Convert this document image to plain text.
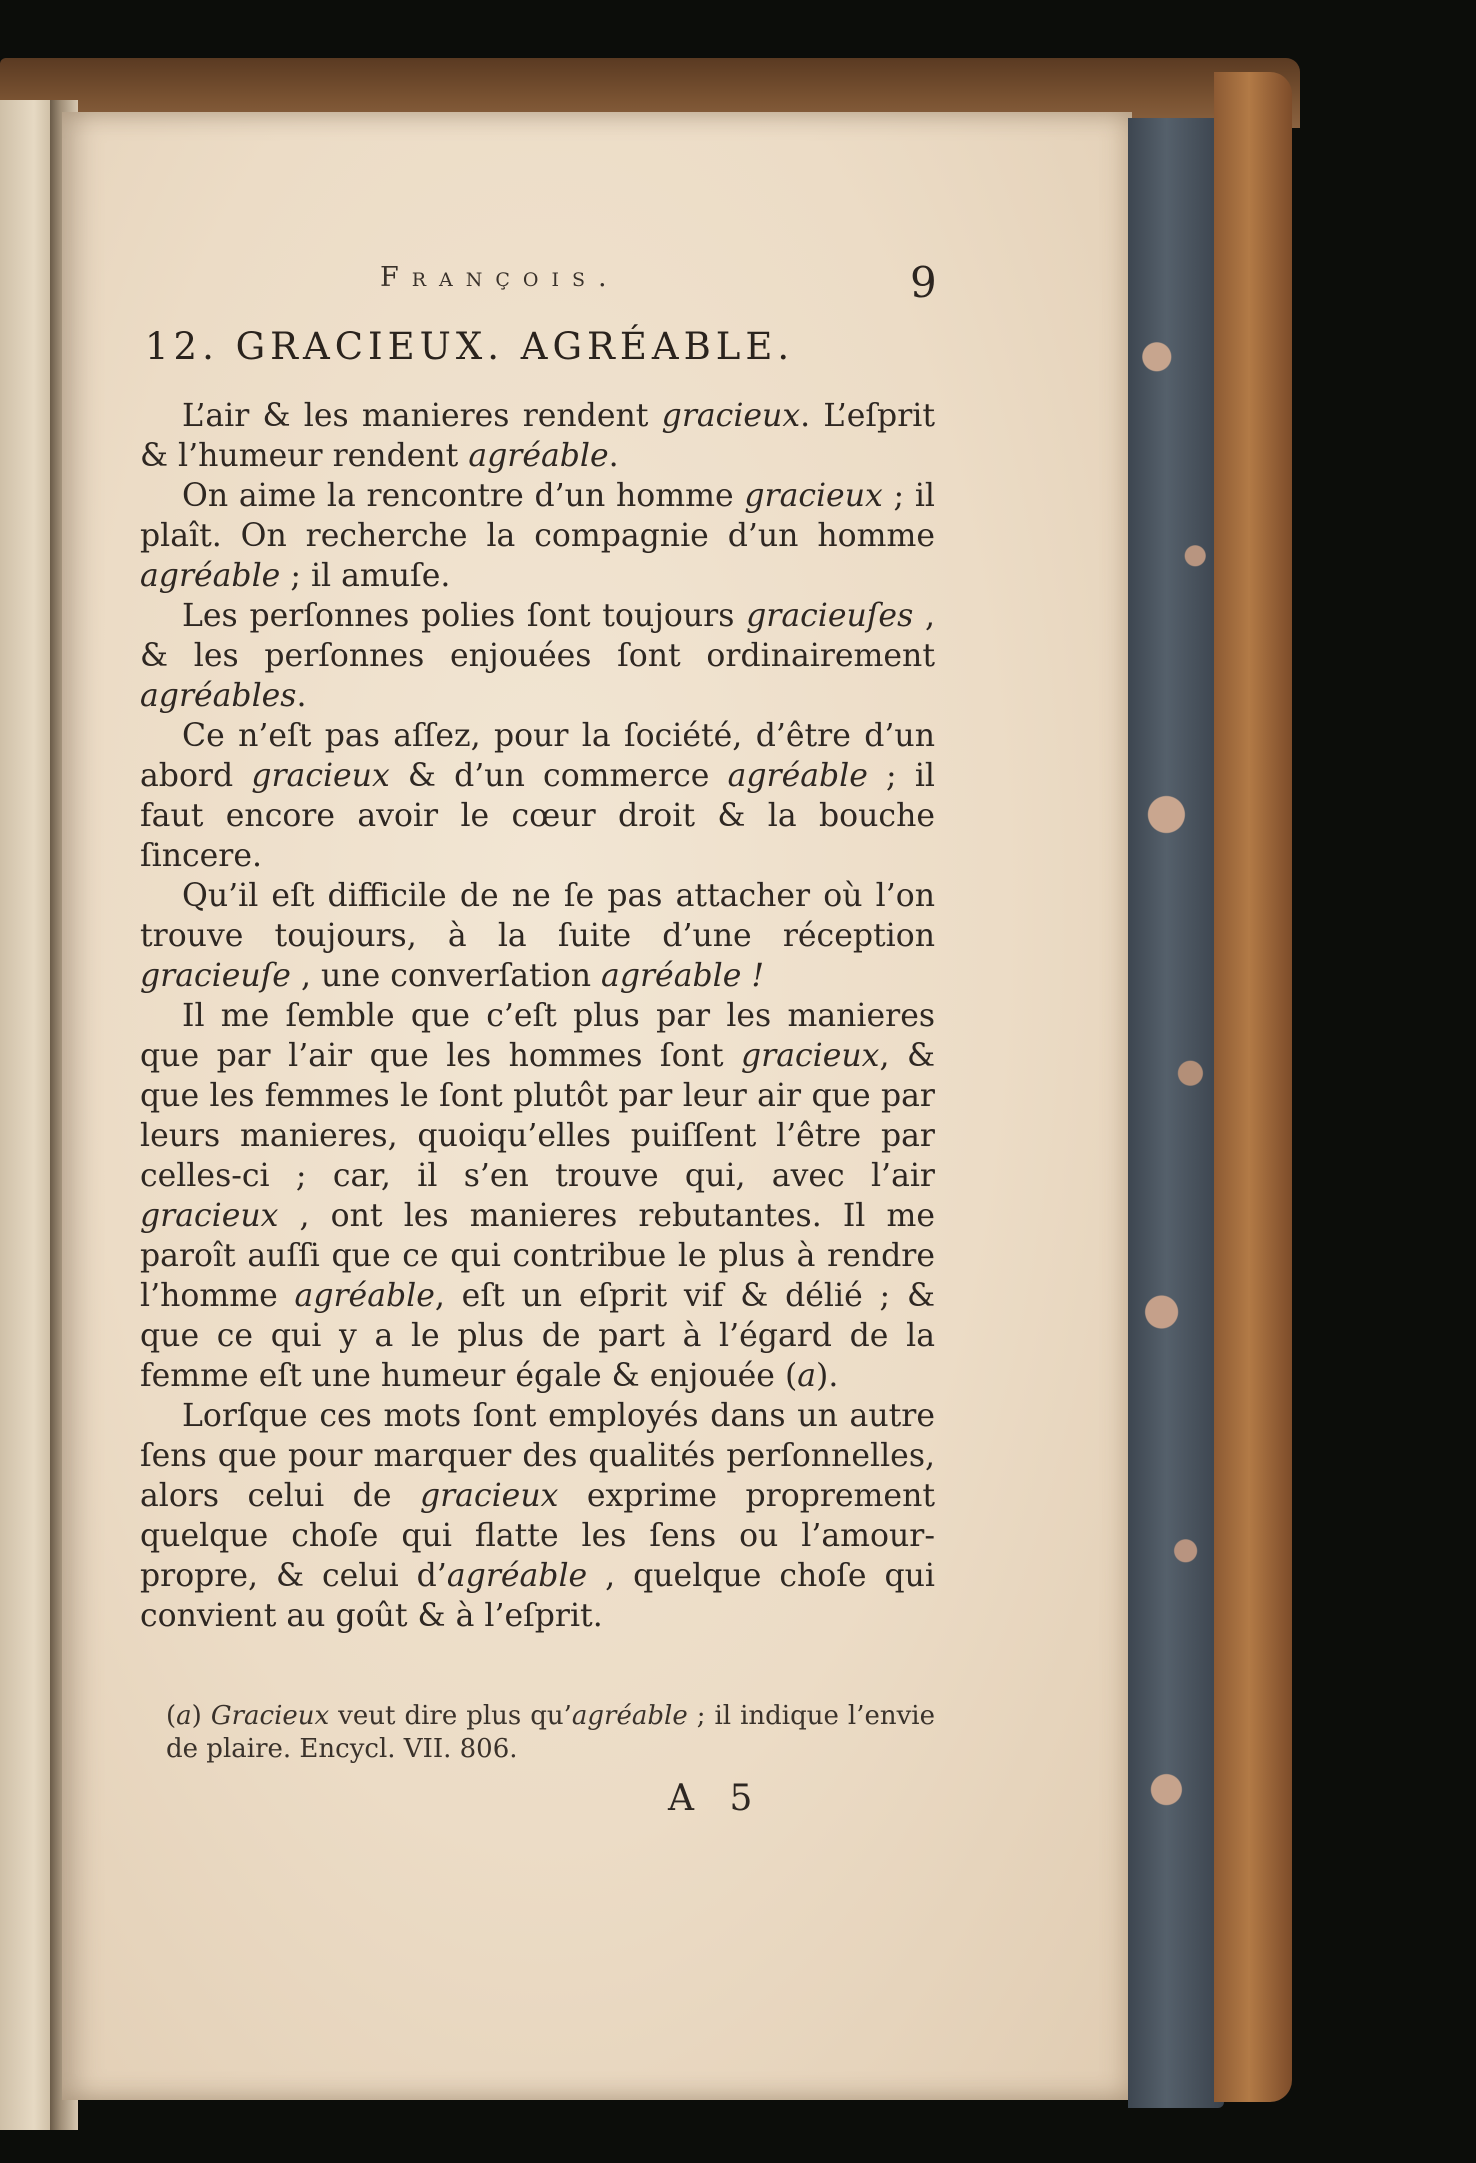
François.	9
12. GRACIEUX. AGRÉABLE.

L’air & les manieres rendent gracieux. L’eſprit & l’humeur rendent agréable.

On aime la rencontre d’un homme gracieux ; il plaît. On recherche la compagnie d’un homme agréable ; il amuſe.

Les perſonnes polies ſont toujours gracieuſes , & les perſonnes enjouées ſont ordinairement agréables.

Ce n’eſt pas aſſez, pour la ſociété, d’être d’un abord gracieux & d’un commerce agréable ; il faut encore avoir le cœur droit & la bouche ſincere.

Qu’il eſt difficile de ne ſe pas attacher où l’on trouve toujours, à la ſuite d’une réception gracieuſe , une converſation agréable !

Il me ſemble que c’eſt plus par les manieres que par l’air que les hommes ſont gracieux, & que les femmes le ſont plutôt par leur air que par leurs manieres, quoiqu’elles puiſſent l’être par celles-ci ; car, il s’en trouve qui, avec l’air gracieux , ont les manieres rebutantes. Il me paroît auſſi que ce qui contribue le plus à rendre l’homme agréable, eſt un eſprit vif & délié ; & que ce qui y a le plus de part à l’égard de la femme eſt une humeur égale & enjouée (a).

Lorſque ces mots ſont employés dans un autre ſens que pour marquer des qualités perſonnelles, alors celui de gracieux exprime proprement quelque choſe qui flatte les ſens ou l’amour-propre, & celui d’agréable , quelque choſe qui convient au goût & à l’eſprit.

(a) Gracieux veut dire plus qu’agréable ; il indique l’envie de plaire. Encycl. VII. 806.
A 5
